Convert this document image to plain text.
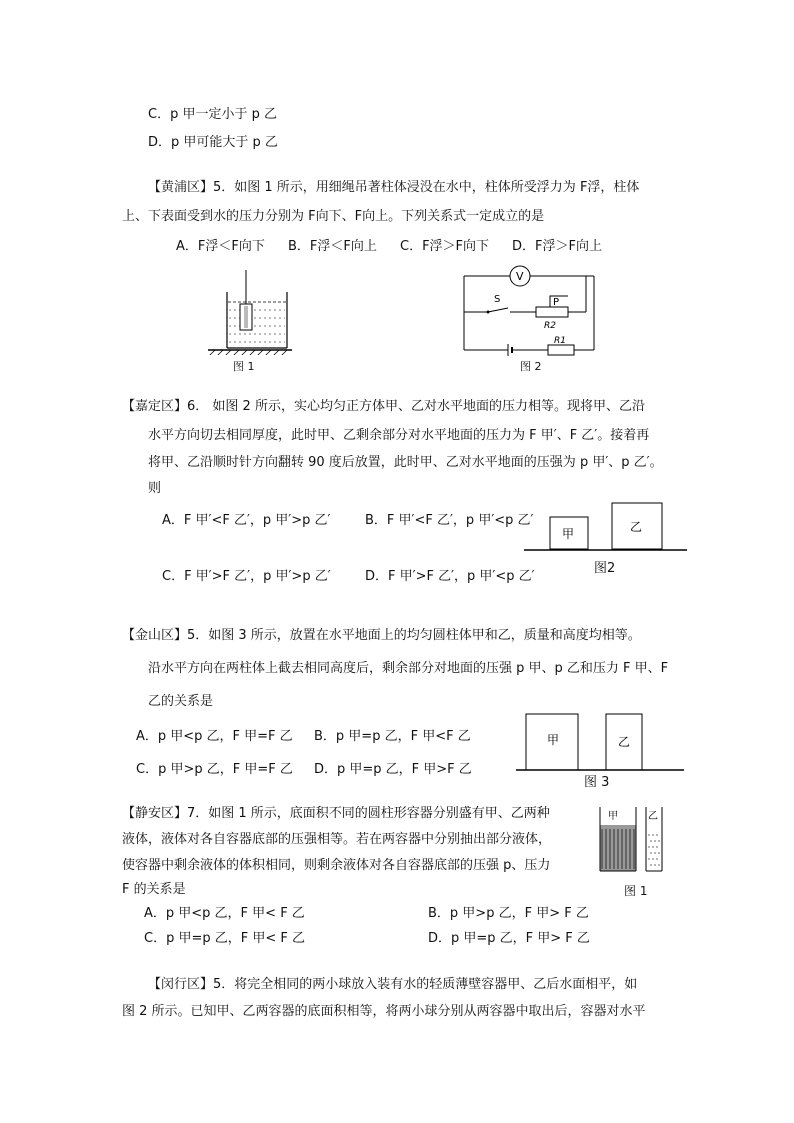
C．p 甲一定小于 p 乙
D．p 甲可能大于 p 乙
【黄浦区】5．如图 1 所示，用细绳吊著柱体浸没在水中，柱体所受浮力为 F浮，柱体
上、下表面受到水的压力分别为 F向下、F向上。下列关系式一定成立的是
A．F浮＜F向下 B．F浮＜F向上 C．F浮＞F向下 D．F浮＞F向上
图 1
V
S	P
R2
R1
图 2
【嘉定区】6． 如图 2 所示，实心均匀正方体甲、乙对水平地面的压力相等。现将甲、乙沿
水平方向切去相同厚度，此时甲、乙剩余部分对水平地面的压力为 F 甲′、F 乙′。接着再
将甲、乙沿顺时针方向翻转 90 度后放置，此时甲、乙对水平地面的压强为 p 甲′、p 乙′。
则
A．F 甲′<F 乙′，p 甲′>p 乙′	B．F 甲′<F 乙′，p 甲′<p 乙′
C．F 甲′>F 乙′，p 甲′>p 乙′	D．F 甲′>F 乙′，p 甲′<p 乙′
甲	乙
图2
【金山区】5．如图 3 所示，放置在水平地面上的均匀圆柱体甲和乙，质量和高度均相等。
沿水平方向在两柱体上截去相同高度后，剩余部分对地面的压强 p 甲、p 乙和压力 F 甲、F
乙的关系是
A．p 甲<p 乙，F 甲=F 乙 B．p 甲=p 乙，F 甲<F 乙
C．p 甲>p 乙，F 甲=F 乙 D．p 甲=p 乙，F 甲>F 乙
甲	乙
图 3
【静安区】7．如图 1 所示，底面积不同的圆柱形容器分别盛有甲、乙两种
液体，液体对各自容器底部的压强相等。若在两容器中分别抽出部分液体，
使容器中剩余液体的体积相同，则剩余液体对各自容器底部的压强 p、压力
F 的关系是
A．p 甲<p 乙，F 甲< F 乙	B．p 甲>p 乙，F 甲> F 乙
C．p 甲=p 乙，F 甲< F 乙	D．p 甲=p 乙，F 甲> F 乙
甲	乙
图 1
【闵行区】5．将完全相同的两小球放入装有水的轻质薄壁容器甲、乙后水面相平，如
图 2 所示。已知甲、乙两容器的底面积相等，将两小球分别从两容器中取出后，容器对水平
